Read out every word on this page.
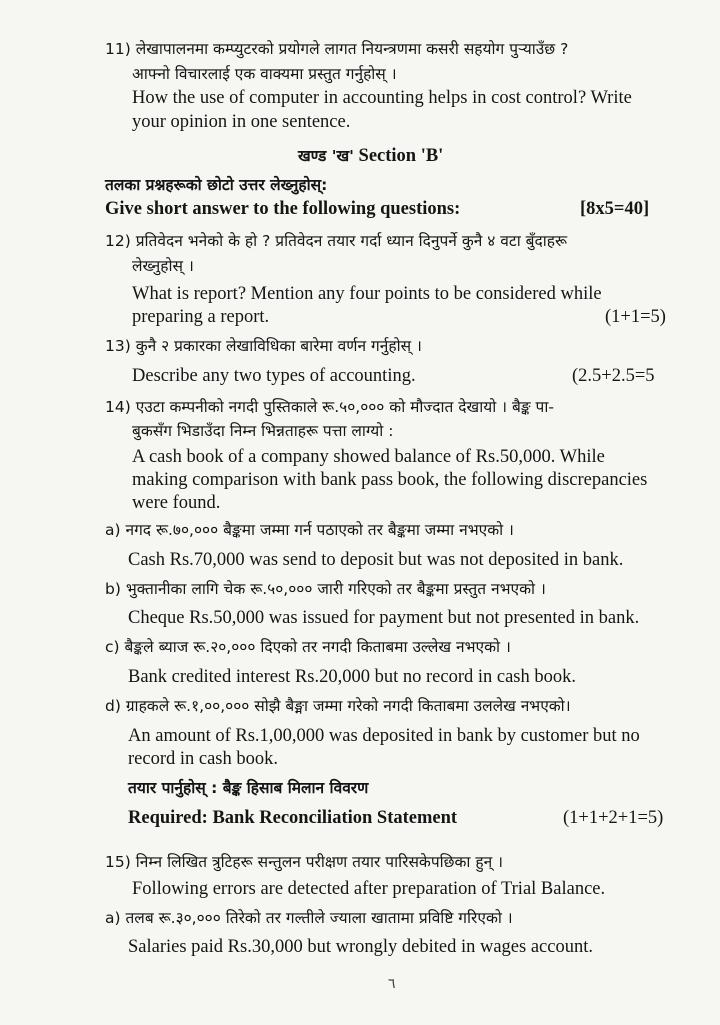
11) लेखापालनमा कम्प्युटरको प्रयोगले लागत नियन्त्रणमा कसरी सहयोग पुऱ्याउँछ ?
आफ्नो विचारलाई एक वाक्यमा प्रस्तुत गर्नुहोस् ।
How the use of computer in accounting helps in cost control? Write
your opinion in one sentence.
खण्ड 'ख' Section 'B'
तलका प्रश्नहरूको छोटो उत्तर लेख्नुहोस्:
Give short answer to the following questions:	[8x5=40]
12) प्रतिवेदन भनेको के हो ? प्रतिवेदन तयार गर्दा ध्यान दिनुपर्ने कुनै ४ वटा बुँदाहरू
लेख्नुहोस् ।
What is report? Mention any four points to be considered while
preparing a report.	(1+1=5)
13) कुनै २ प्रकारका लेखाविधिका बारेमा वर्णन गर्नुहोस् ।
Describe any two types of accounting.	(2.5+2.5=5
14) एउटा कम्पनीको नगदी पुस्तिकाले रू.५०,००० को मौज्दात देखायो । बैङ्क पा-
बुकसँग भिडाउँदा निम्न भिन्नताहरू पत्ता लाग्यो :
A cash book of a company showed balance of Rs.50,000. While
making comparison with bank pass book, the following discrepancies
were found.
a) नगद रू.७०,००० बैङ्कमा जम्मा गर्न पठाएको तर बैङ्कमा जम्मा नभएको ।
Cash Rs.70,000 was send to deposit but was not deposited in bank.
b) भुक्तानीका लागि चेक रू.५०,००० जारी गरिएको तर बैङ्कमा प्रस्तुत नभएको ।
Cheque Rs.50,000 was issued for payment but not presented in bank.
c) बैङ्कले ब्याज रू.२०,००० दिएको तर नगदी किताबमा उल्लेख नभएको ।
Bank credited interest Rs.20,000 but no record in cash book.
d) ग्राहकले रू.१,००,००० सोझै बैङ्मा जम्मा गरेको नगदी किताबमा उललेख नभएको।
An amount of Rs.1,00,000 was deposited in bank by customer but no
record in cash book.
तयार पार्नुहोस् : बैङ्क हिसाब मिलान विवरण
Required: Bank Reconciliation Statement	(1+1+2+1=5)
15) निम्न लिखित त्रुटिहरू सन्तुलन परीक्षण तयार पारिसकेपछिका हुन् ।
Following errors are detected after preparation of Trial Balance.
a) तलब रू.३०,००० तिरेको तर गल्तीले ज्याला खातामा प्रविष्टि गरिएको ।
Salaries paid Rs.30,000 but wrongly debited in wages account.
٦
